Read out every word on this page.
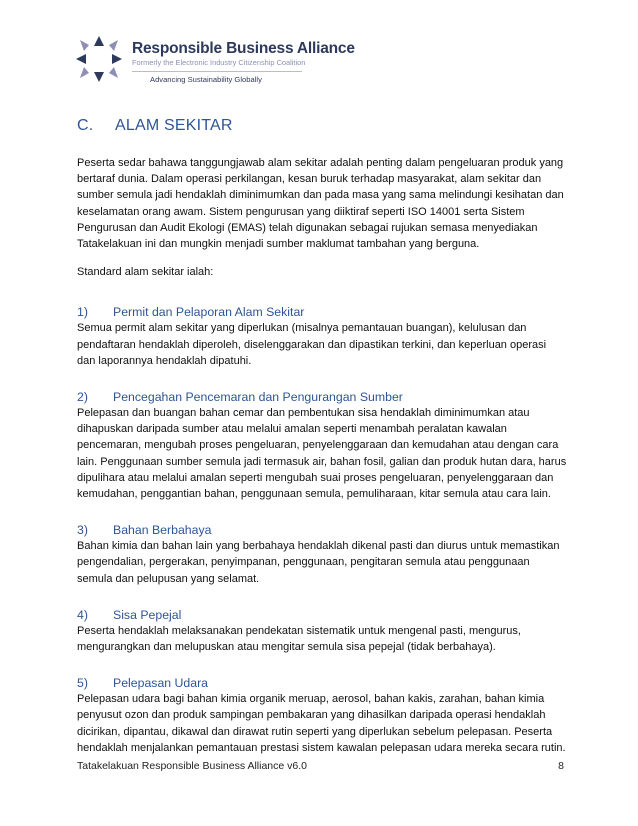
Responsible Business Alliance
Formerly the Electronic Industry Citizenship Coalition
Advancing Sustainability Globally
C. ALAM SEKITAR

Peserta sedar bahawa tanggungjawab alam sekitar adalah penting dalam pengeluaran produk yang bertaraf dunia. Dalam operasi perkilangan, kesan buruk terhadap masyarakat, alam sekitar dan sumber semula jadi hendaklah diminimumkan dan pada masa yang sama melindungi kesihatan dan keselamatan orang awam. Sistem pengurusan yang diiktiraf seperti ISO 14001 serta Sistem Pengurusan dan Audit Ekologi (EMAS) telah digunakan sebagai rujukan semasa menyediakan Tatakelakuan ini dan mungkin menjadi sumber maklumat tambahan yang berguna.

Standard alam sekitar ialah:

1) Permit dan Pelaporan Alam Sekitar

Semua permit alam sekitar yang diperlukan (misalnya pemantauan buangan), kelulusan dan pendaftaran hendaklah diperoleh, diselenggarakan dan dipastikan terkini, dan keperluan operasi dan laporannya hendaklah dipatuhi.

2) Pencegahan Pencemaran dan Pengurangan Sumber

Pelepasan dan buangan bahan cemar dan pembentukan sisa hendaklah diminimumkan atau dihapuskan daripada sumber atau melalui amalan seperti menambah peralatan kawalan pencemaran, mengubah proses pengeluaran, penyelenggaraan dan kemudahan atau dengan cara lain. Penggunaan sumber semula jadi termasuk air, bahan fosil, galian dan produk hutan dara, harus dipulihara atau melalui amalan seperti mengubah suai proses pengeluaran, penyelenggaraan dan kemudahan, penggantian bahan, penggunaan semula, pemuliharaan, kitar semula atau cara lain.

3) Bahan Berbahaya

Bahan kimia dan bahan lain yang berbahaya hendaklah dikenal pasti dan diurus untuk memastikan pengendalian, pergerakan, penyimpanan, penggunaan, pengitaran semula atau penggunaan semula dan pelupusan yang selamat.

4) Sisa Pepejal

Peserta hendaklah melaksanakan pendekatan sistematik untuk mengenal pasti, mengurus, mengurangkan dan melupuskan atau mengitar semula sisa pepejal (tidak berbahaya).

5) Pelepasan Udara

Pelepasan udara bagi bahan kimia organik meruap, aerosol, bahan kakis, zarahan, bahan kimia penyusut ozon dan produk sampingan pembakaran yang dihasilkan daripada operasi hendaklah dicirikan, dipantau, dikawal dan dirawat rutin seperti yang diperlukan sebelum pelepasan. Peserta hendaklah menjalankan pemantauan prestasi sistem kawalan pelepasan udara mereka secara rutin.

Tatakelakuan Responsible Business Alliance v6.0	8
